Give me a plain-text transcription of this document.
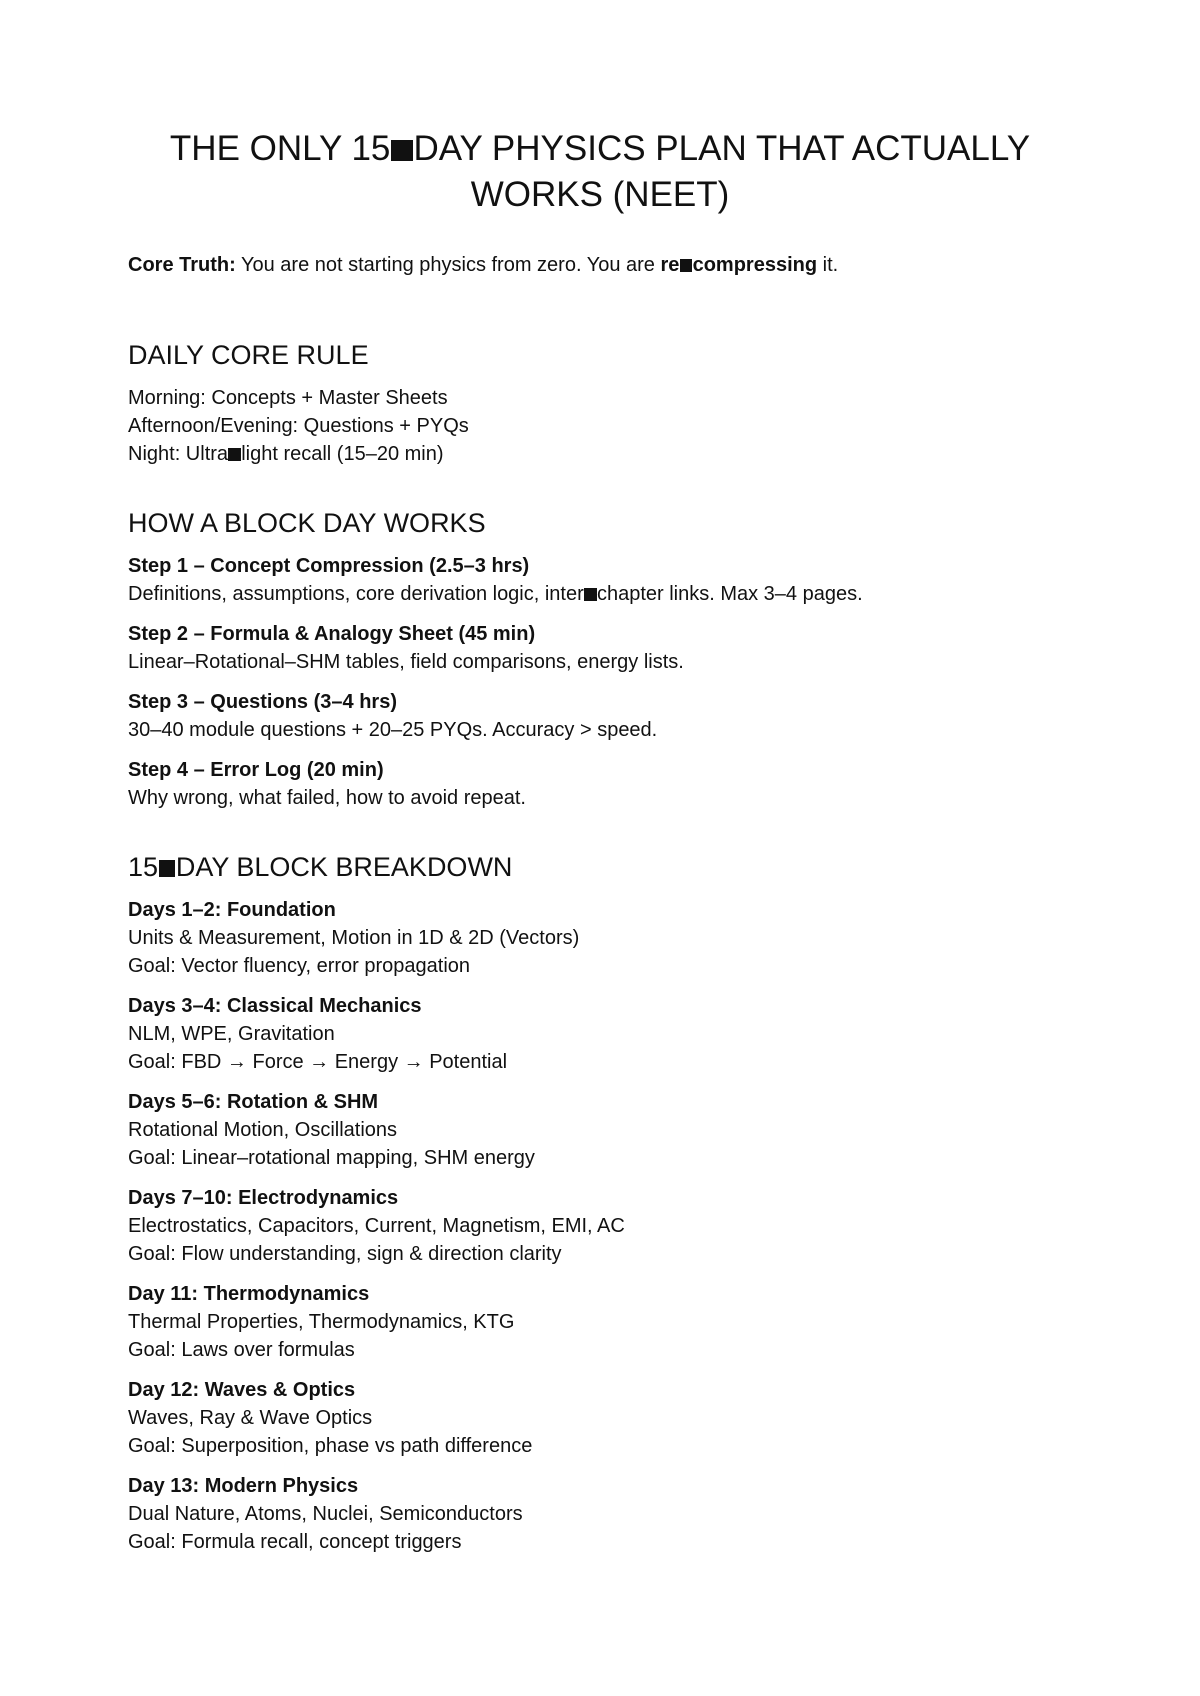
THE ONLY 15 DAY PHYSICS PLAN THAT ACTUALLY
WORKS (NEET)
Core Truth: You are not starting physics from zero. You are re compressing it.
DAILY CORE RULE
Morning: Concepts + Master Sheets
Afternoon/Evening: Questions + PYQs
Night: Ultra light recall (15–20 min)
HOW A BLOCK DAY WORKS
Step 1 – Concept Compression (2.5–3 hrs)
Definitions, assumptions, core derivation logic, inter chapter links. Max 3–4 pages.
Step 2 – Formula & Analogy Sheet (45 min)
Linear–Rotational–SHM tables, field comparisons, energy lists.
Step 3 – Questions (3–4 hrs)
30–40 module questions + 20–25 PYQs. Accuracy > speed.
Step 4 – Error Log (20 min)
Why wrong, what failed, how to avoid repeat.
15 DAY BLOCK BREAKDOWN
Days 1–2: Foundation
Units & Measurement, Motion in 1D & 2D (Vectors)
Goal: Vector fluency, error propagation
Days 3–4: Classical Mechanics
NLM, WPE, Gravitation
Goal: FBD → Force → Energy → Potential
Days 5–6: Rotation & SHM
Rotational Motion, Oscillations
Goal: Linear–rotational mapping, SHM energy
Days 7–10: Electrodynamics
Electrostatics, Capacitors, Current, Magnetism, EMI, AC
Goal: Flow understanding, sign & direction clarity
Day 11: Thermodynamics
Thermal Properties, Thermodynamics, KTG
Goal: Laws over formulas
Day 12: Waves & Optics
Waves, Ray & Wave Optics
Goal: Superposition, phase vs path difference
Day 13: Modern Physics
Dual Nature, Atoms, Nuclei, Semiconductors
Goal: Formula recall, concept triggers
